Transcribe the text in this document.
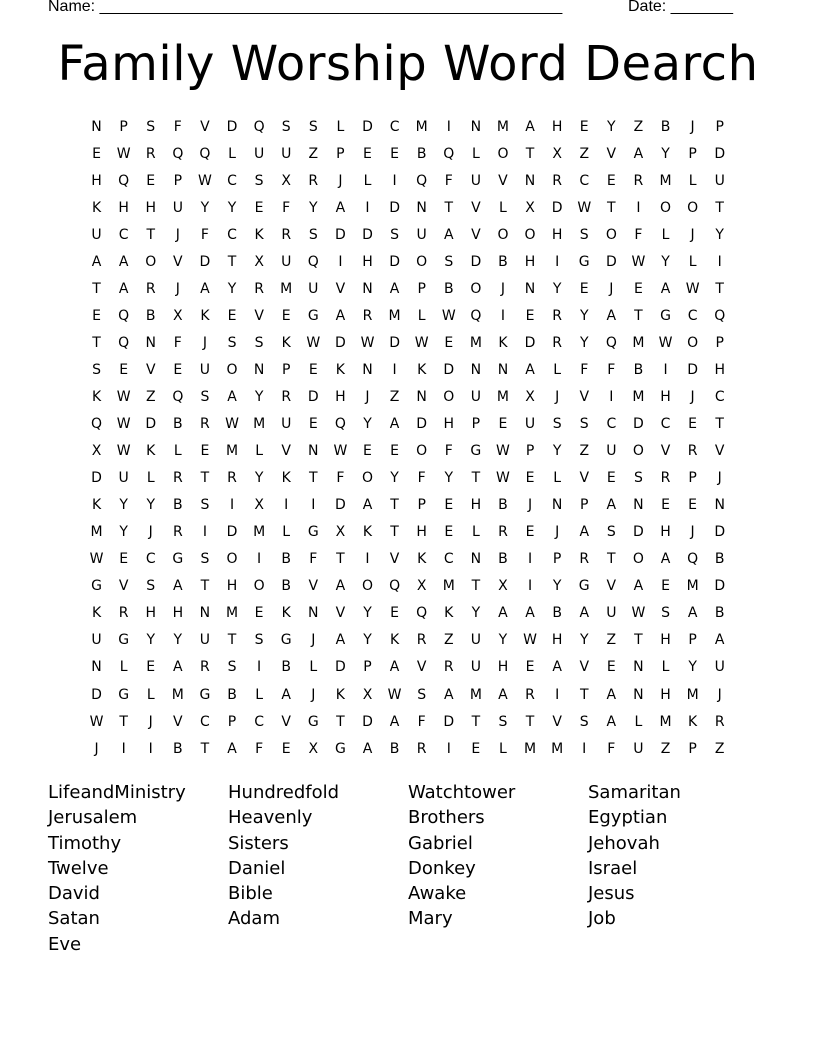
Name: ____________________________________________________	Date: _______
Family Worship Word Dearch
N	P	S	F	V	D	Q	S	S	L	D	C	M	I	N	M	A	H	E	Y	Z	B	J	P
E	W	R	Q	Q	L	U	U	Z	P	E	E	B	Q	L	O	T	X	Z	V	A	Y	P	D
H	Q	E	P	W	C	S	X	R	J	L	I	Q	F	U	V	N	R	C	E	R	M	L	U
K	H	H	U	Y	Y	E	F	Y	A	I	D	N	T	V	L	X	D	W	T	I	O	O	T
U	C	T	J	F	C	K	R	S	D	D	S	U	A	V	O	O	H	S	O	F	L	J	Y
A	A	O	V	D	T	X	U	Q	I	H	D	O	S	D	B	H	I	G	D	W	Y	L	I
T	A	R	J	A	Y	R	M	U	V	N	A	P	B	O	J	N	Y	E	J	E	A	W	T
E	Q	B	X	K	E	V	E	G	A	R	M	L	W	Q	I	E	R	Y	A	T	G	C	Q
T	Q	N	F	J	S	S	K	W	D	W	D	W	E	M	K	D	R	Y	Q	M	W	O	P
S	E	V	E	U	O	N	P	E	K	N	I	K	D	N	N	A	L	F	F	B	I	D	H
K	W	Z	Q	S	A	Y	R	D	H	J	Z	N	O	U	M	X	J	V	I	M	H	J	C
Q	W	D	B	R	W	M	U	E	Q	Y	A	D	H	P	E	U	S	S	C	D	C	E	T
X	W	K	L	E	M	L	V	N	W	E	E	O	F	G	W	P	Y	Z	U	O	V	R	V
D	U	L	R	T	R	Y	K	T	F	O	Y	F	Y	T	W	E	L	V	E	S	R	P	J
K	Y	Y	B	S	I	X	I	I	D	A	T	P	E	H	B	J	N	P	A	N	E	E	N
M	Y	J	R	I	D	M	L	G	X	K	T	H	E	L	R	E	J	A	S	D	H	J	D
W	E	C	G	S	O	I	B	F	T	I	V	K	C	N	B	I	P	R	T	O	A	Q	B
G	V	S	A	T	H	O	B	V	A	O	Q	X	M	T	X	I	Y	G	V	A	E	M	D
K	R	H	H	N	M	E	K	N	V	Y	E	Q	K	Y	A	A	B	A	U	W	S	A	B
U	G	Y	Y	U	T	S	G	J	A	Y	K	R	Z	U	Y	W	H	Y	Z	T	H	P	A
N	L	E	A	R	S	I	B	L	D	P	A	V	R	U	H	E	A	V	E	N	L	Y	U
D	G	L	M	G	B	L	A	J	K	X	W	S	A	M	A	R	I	T	A	N	H	M	J
W	T	J	V	C	P	C	V	G	T	D	A	F	D	T	S	T	V	S	A	L	M	K	R
J	I	I	B	T	A	F	E	X	G	A	B	R	I	E	L	M	M	I	F	U	Z	P	Z
LifeandMinistry	Hundredfold	Watchtower	Samaritan
Jerusalem	Heavenly	Brothers	Egyptian
Timothy	Sisters	Gabriel	Jehovah
Twelve	Daniel	Donkey	Israel
David	Bible	Awake	Jesus
Satan	Adam	Mary	Job
Eve
